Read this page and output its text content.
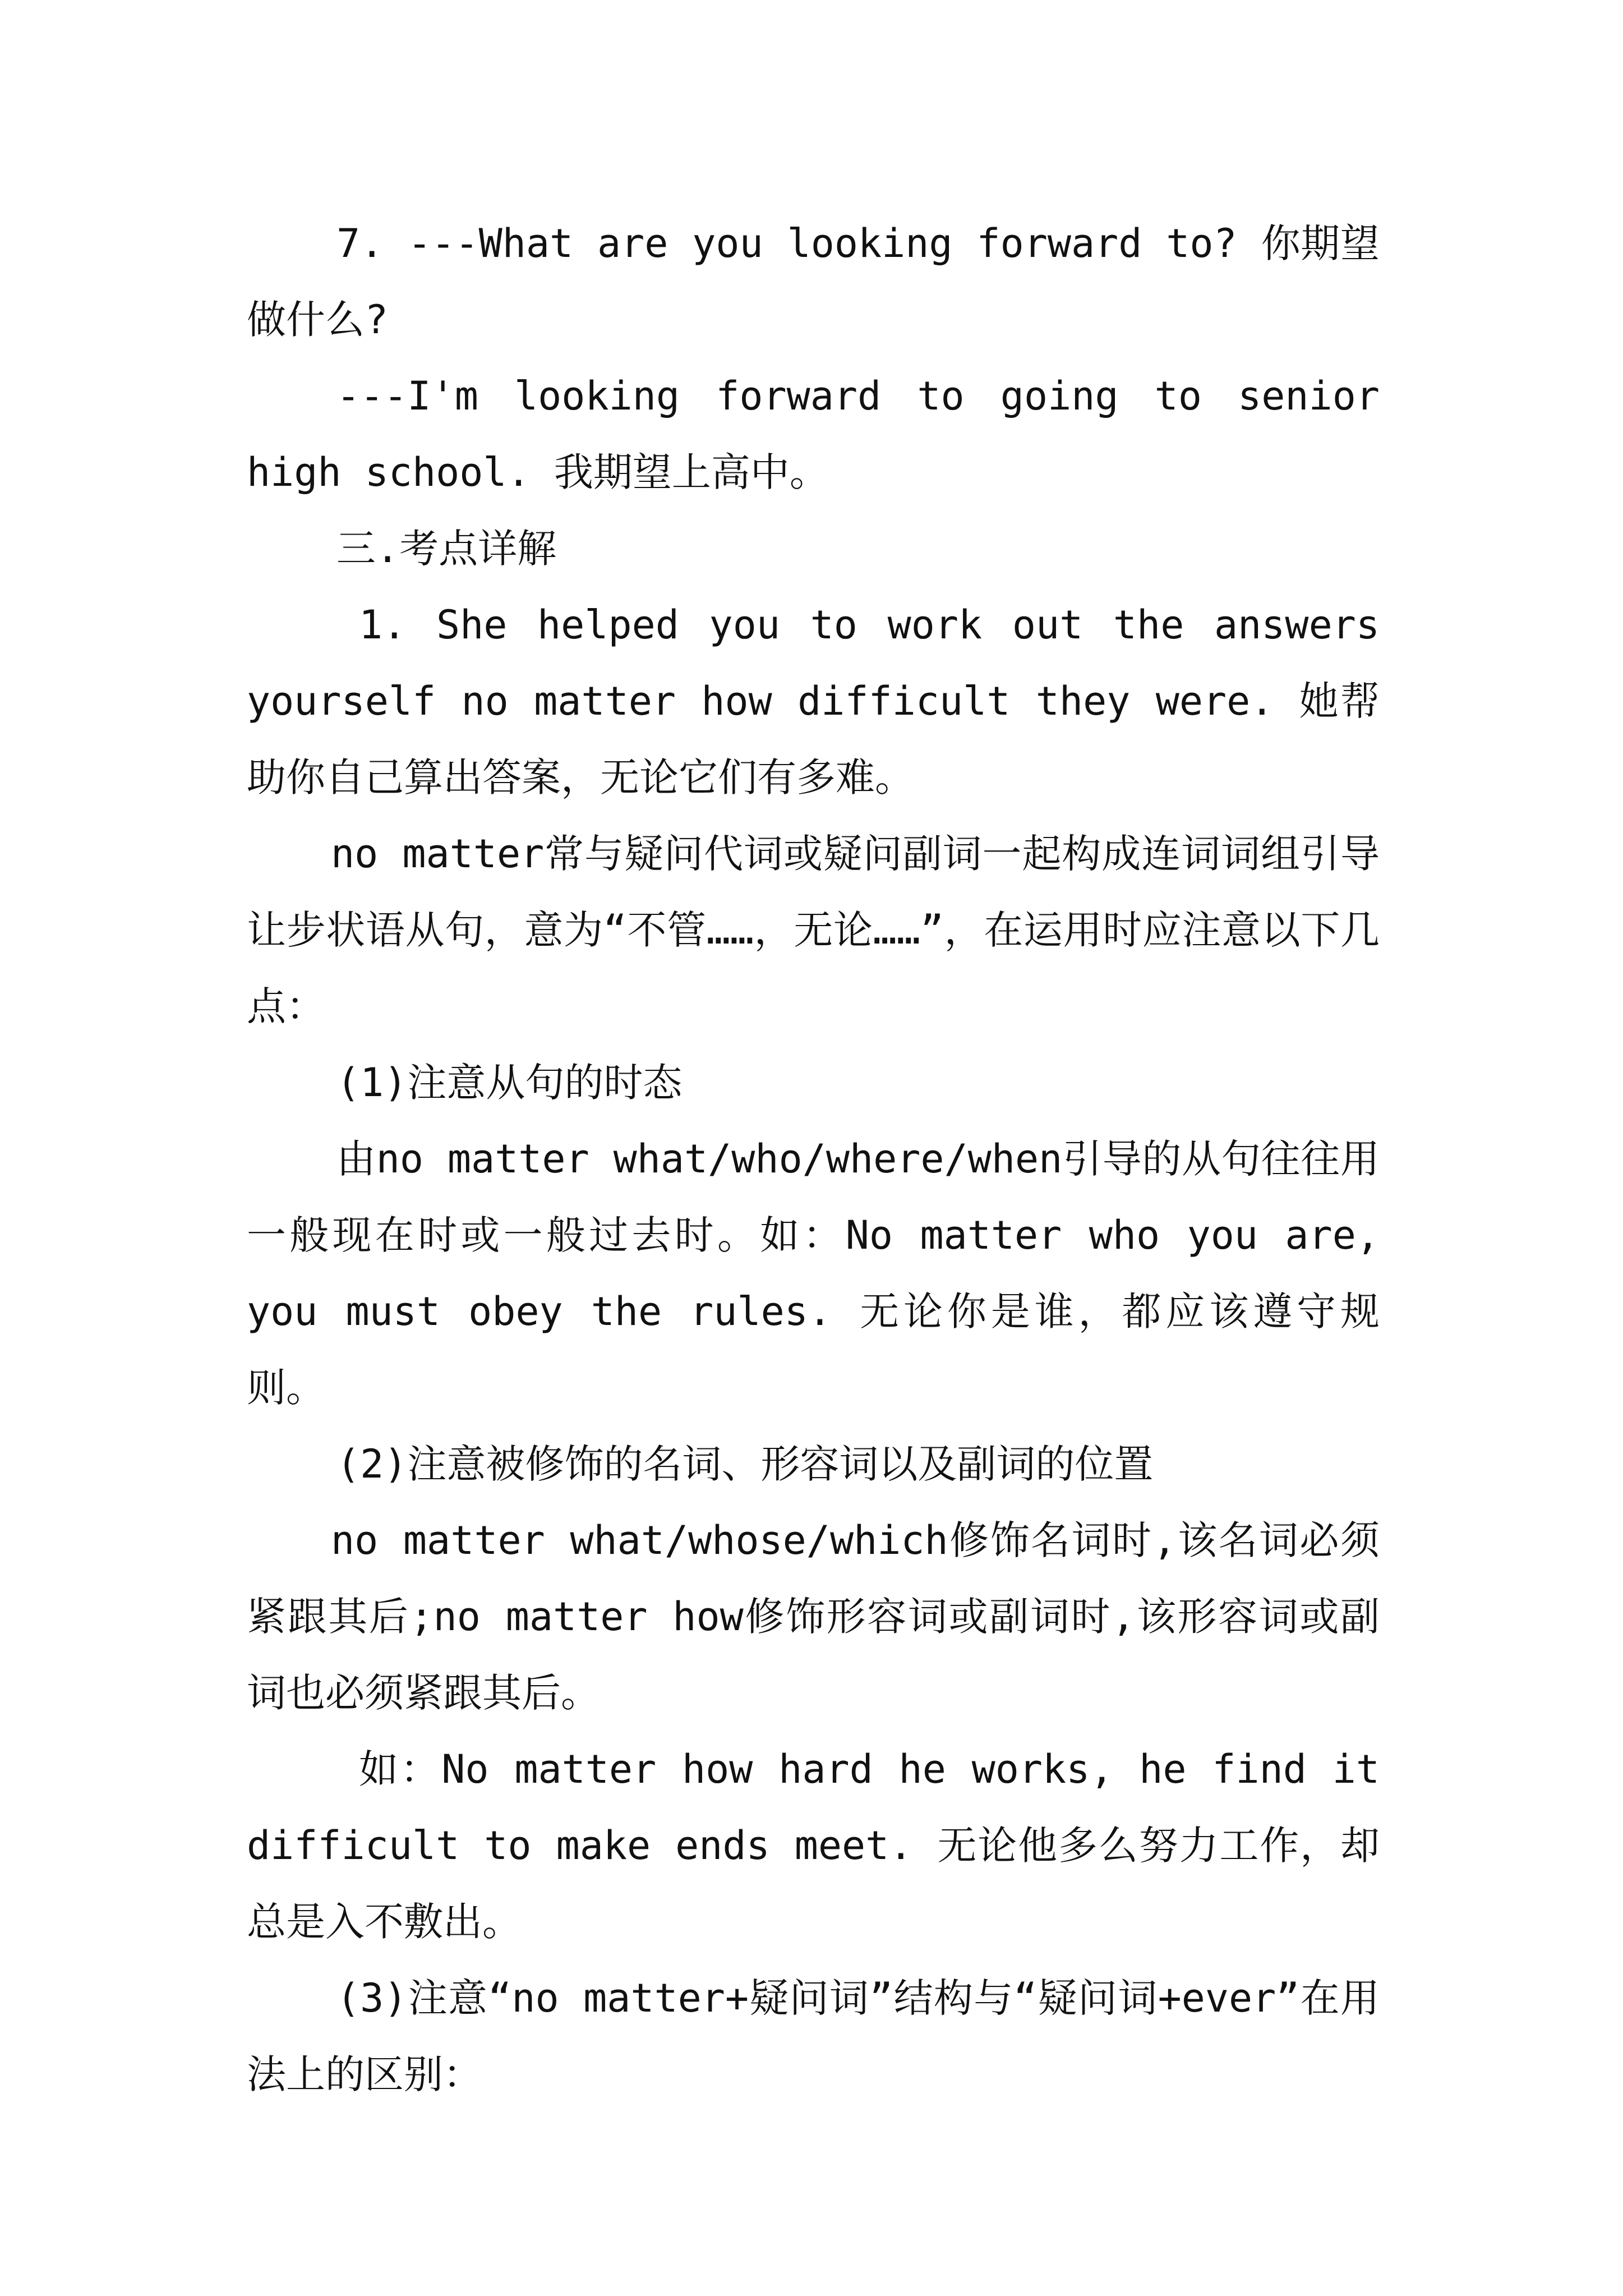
7. ---What are you looking forward to? 你期望做什么?

---I'm looking forward to going to senior high school. 我期望上高中。

三.考点详解

1. She helped you to work out the answers yourself no matter how difficult they were. 她帮助你自己算出答案，无论它们有多难。

no matter常与疑问代词或疑问副词一起构成连词词组引导让步状语从句，意为“不管……，无论……”，在运用时应注意以下几点：

(1)注意从句的时态

由no matter what/who/where/when引导的从句往往用一般现在时或一般过去时。如：No matter who you are, you must obey the rules. 无论你是谁，都应该遵守规则。

(2)注意被修饰的名词、形容词以及副词的位置

no matter what/whose/which修饰名词时,该名词必须紧跟其后;no matter how修饰形容词或副词时,该形容词或副词也必须紧跟其后。

如：No matter how hard he works, he find it difficult to make ends meet. 无论他多么努力工作，却总是入不敷出。

(3)注意“no matter+疑问词”结构与“疑问词+ever”在用法上的区别：
